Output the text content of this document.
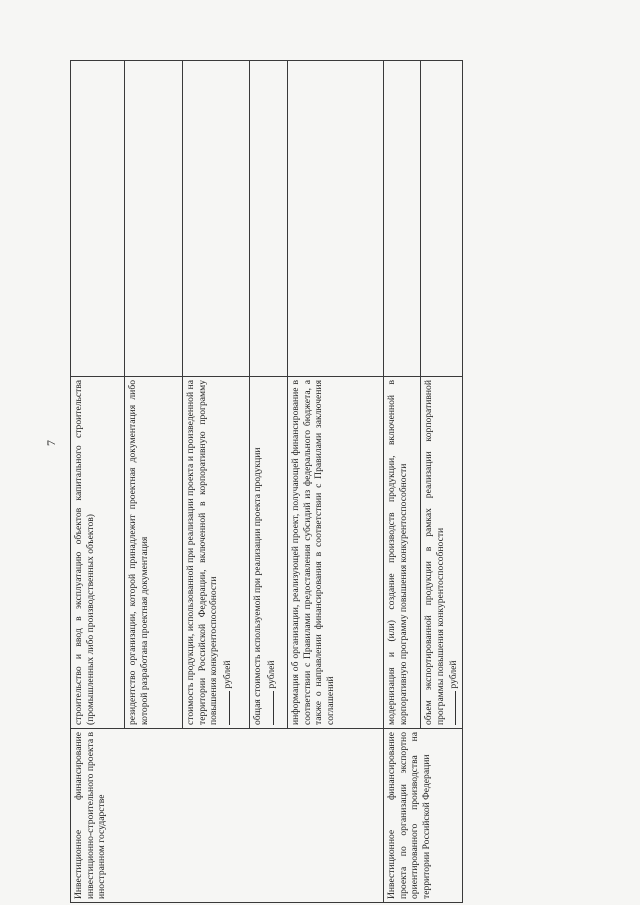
7
Инвестиционное финансирование инвестиционно-строительного проекта в иностранном государстве	строительство и ввод в эксплуатацию объектов капитального строительства (промышленных либо производственных объектов)	
	резидентство организации, которой принадлежит проектная документация либо которой разработана проектная документация	
	стоимость продукции, использованной при реализации проекта и произведенной на территории Российской Федерации, включенной в корпоративную программу повышения конкурентоспособности рублей	
	общая стоимость используемой при реализации проекта продукции рублей	
	информация об организации, реализующей проект, получающей финансирование в соответствии с Правилами предоставления субсидий из федерального бюджета, а также о направлении финансирования в соответствии с Правилами заключения соглашений	
Инвестиционное финансирование проекта по организации экспортно ориентированного производства на территории Российской Федерации	модернизация и (или) создание производств продукции, включенной в корпоративную программу повышения конкурентоспособности	
	объем экспортированной продукции в рамках реализации корпоративной программы повышения конкурентоспособности рублей	
